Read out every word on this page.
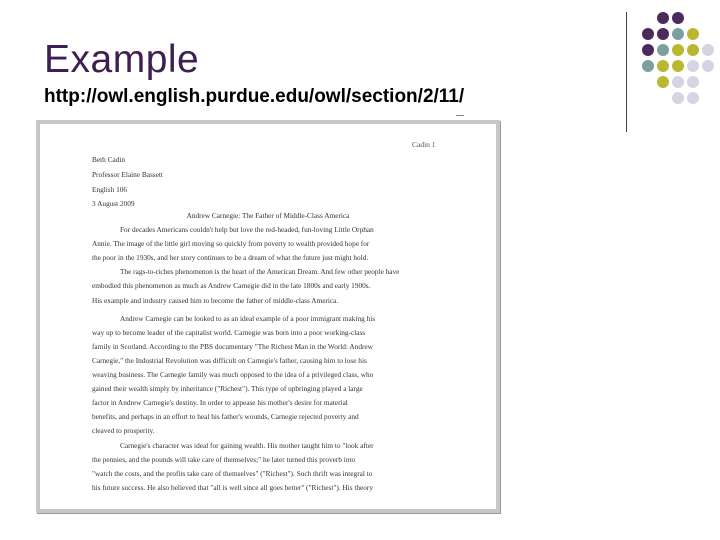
Example
http://owl.english.purdue.edu/owl/section/2/11/
Cadin 1
Beth Cadin
Professor Elaine Bassett
English 106
3 August 2009
Andrew Carnegie: The Father of Middle-Class America
For decades Americans couldn't help but love the red-headed, fun-loving Little Orphan
Annie. The image of the little girl moving so quickly from poverty to wealth provided hope for
the poor in the 1930s, and her story continues to be a dream of what the future just might hold.
The rags-to-riches phenomenon is the heart of the American Dream. And few other people have
embodied this phenomenon as much as Andrew Carnegie did in the late 1800s and early 1900s.
His example and industry caused him to become the father of middle-class America.
Andrew Carnegie can be looked to as an ideal example of a poor immigrant making his
way up to become leader of the capitalist world. Carnegie was born into a poor working-class
family in Scotland. According to the PBS documentary "The Richest Man in the World: Andrew
Carnegie," the Industrial Revolution was difficult on Carnegie's father, causing him to lose his
weaving business. The Carnegie family was much opposed to the idea of a privileged class, who
gained their wealth simply by inheritance ("Richest"). This type of upbringing played a large
factor in Andrew Carnegie's destiny. In order to appease his mother's desire for material
benefits, and perhaps in an effort to heal his father's wounds, Carnegie rejected poverty and
cleaved to prosperity.
Carnegie's character was ideal for gaining wealth. His mother taught him to "look after
the pennies, and the pounds will take care of themselves;" he later turned this proverb into
"watch the costs, and the profits take care of themselves" ("Richest"). Such thrift was integral to
his future success. He also believed that "all is well since all goes better" ("Richest"). His theory
